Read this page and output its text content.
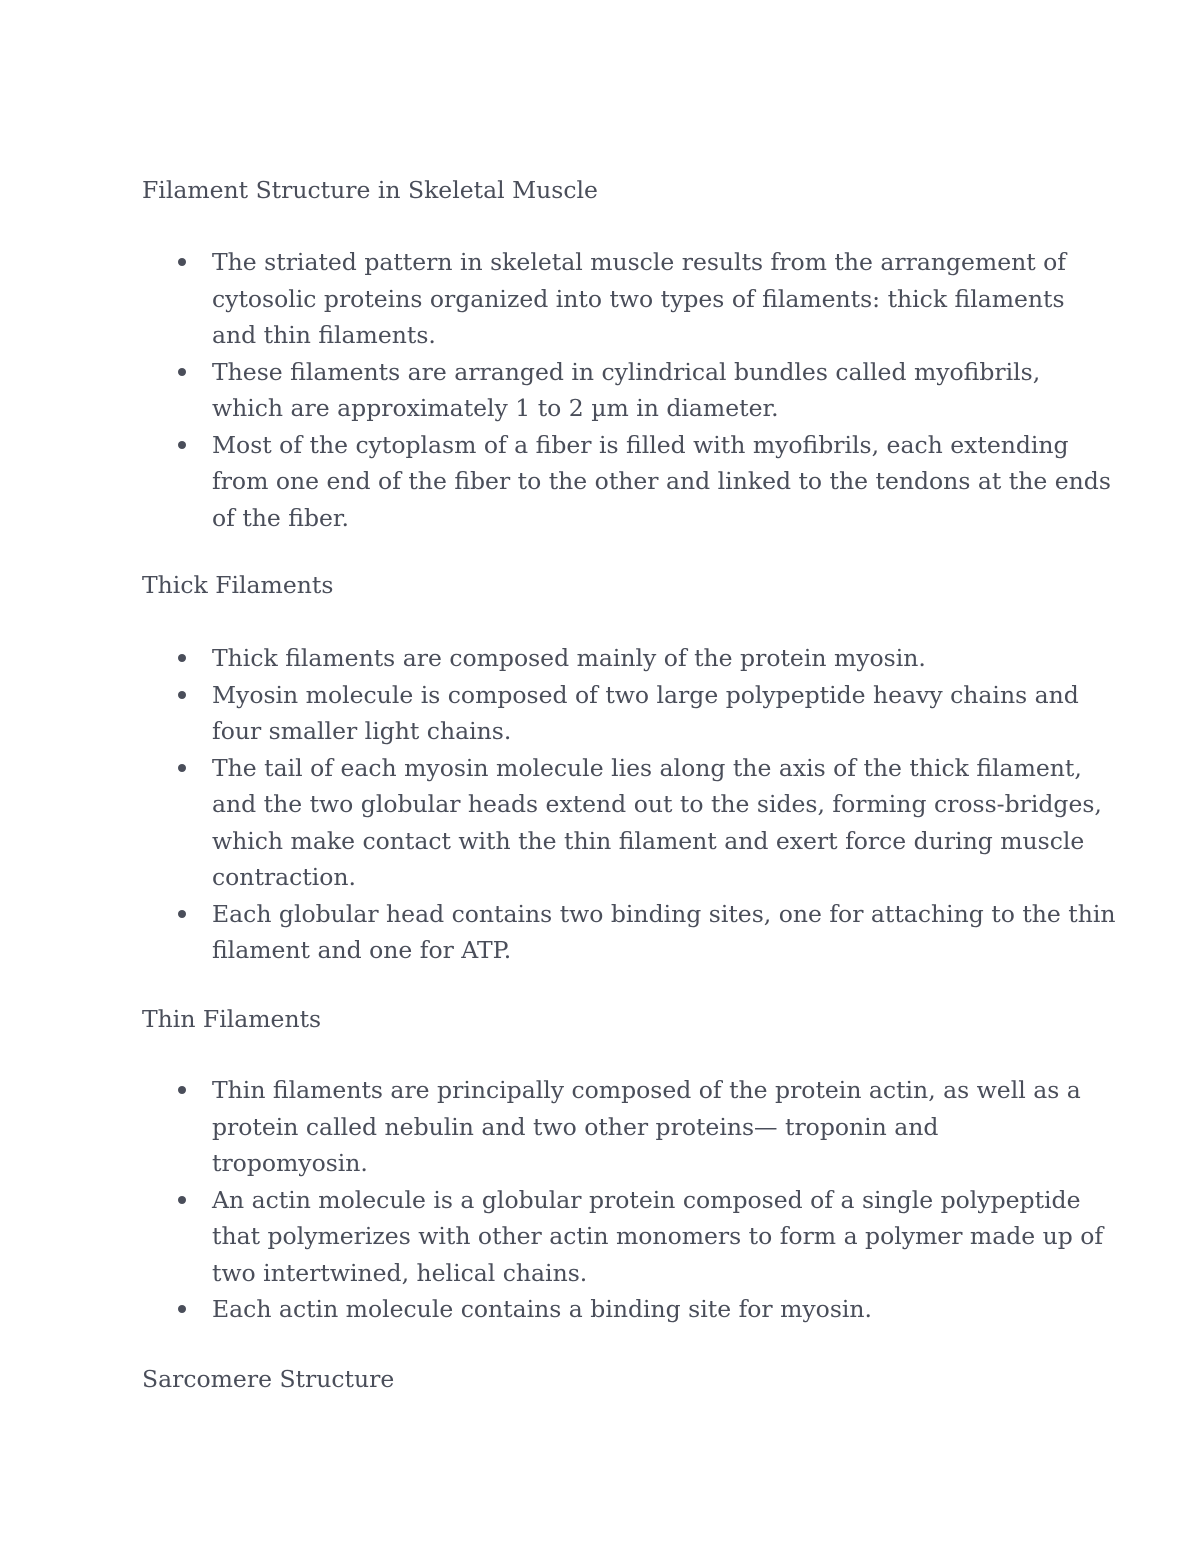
Filament Structure in Skeletal Muscle
The striated pattern in skeletal muscle results from the arrangement of
cytosolic proteins organized into two types of filaments: thick filaments
and thin filaments.
These filaments are arranged in cylindrical bundles called myofibrils,
which are approximately 1 to 2 µm in diameter.
Most of the cytoplasm of a fiber is filled with myofibrils, each extending
from one end of the fiber to the other and linked to the tendons at the ends
of the fiber.
Thick Filaments
Thick filaments are composed mainly of the protein myosin.
Myosin molecule is composed of two large polypeptide heavy chains and
four smaller light chains.
The tail of each myosin molecule lies along the axis of the thick filament,
and the two globular heads extend out to the sides, forming cross-bridges,
which make contact with the thin filament and exert force during muscle
contraction.
Each globular head contains two binding sites, one for attaching to the thin
filament and one for ATP.
Thin Filaments
Thin filaments are principally composed of the protein actin, as well as a
protein called nebulin and two other proteins— troponin and
tropomyosin.
An actin molecule is a globular protein composed of a single polypeptide
that polymerizes with other actin monomers to form a polymer made up of
two intertwined, helical chains.
Each actin molecule contains a binding site for myosin.
Sarcomere Structure
